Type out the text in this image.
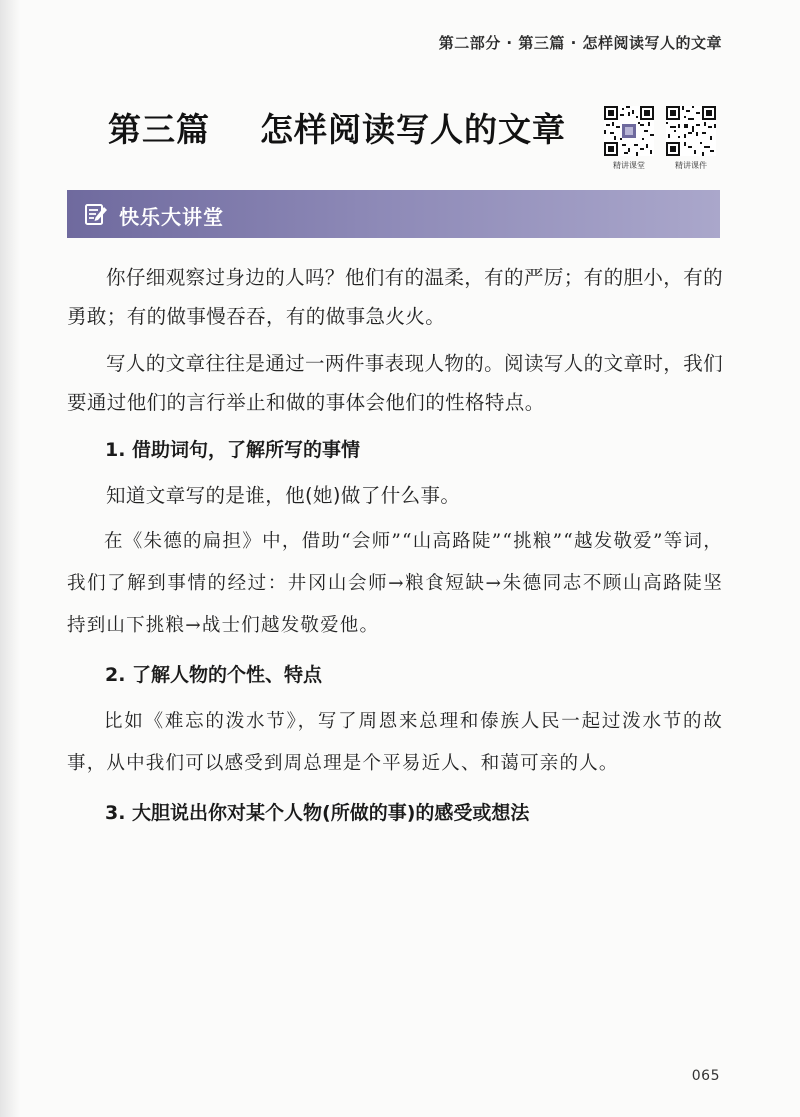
第二部分 · 第三篇 · 怎样阅读写人的文章
第三篇    怎样阅读写人的文章
精讲课堂	精讲课件
快乐大讲堂

你仔细观察过身边的人吗？他们有的温柔，有的严厉；有的胆小，有的勇敢；有的做事慢吞吞，有的做事急火火。

写人的文章往往是通过一两件事表现人物的。阅读写人的文章时，我们要通过他们的言行举止和做的事体会他们的性格特点。

1. 借助词句，了解所写的事情

知道文章写的是谁，他(她)做了什么事。

在《朱德的扁担》中，借助“会师”“山高路陡”“挑粮”“越发敬爱”等词，我们了解到事情的经过：井冈山会师→粮食短缺→朱德同志不顾山高路陡坚持到山下挑粮→战士们越发敬爱他。

2. 了解人物的个性、特点

比如《难忘的泼水节》，写了周恩来总理和傣族人民一起过泼水节的故事，从中我们可以感受到周总理是个平易近人、和蔼可亲的人。

3. 大胆说出你对某个人物(所做的事)的感受或想法

065
